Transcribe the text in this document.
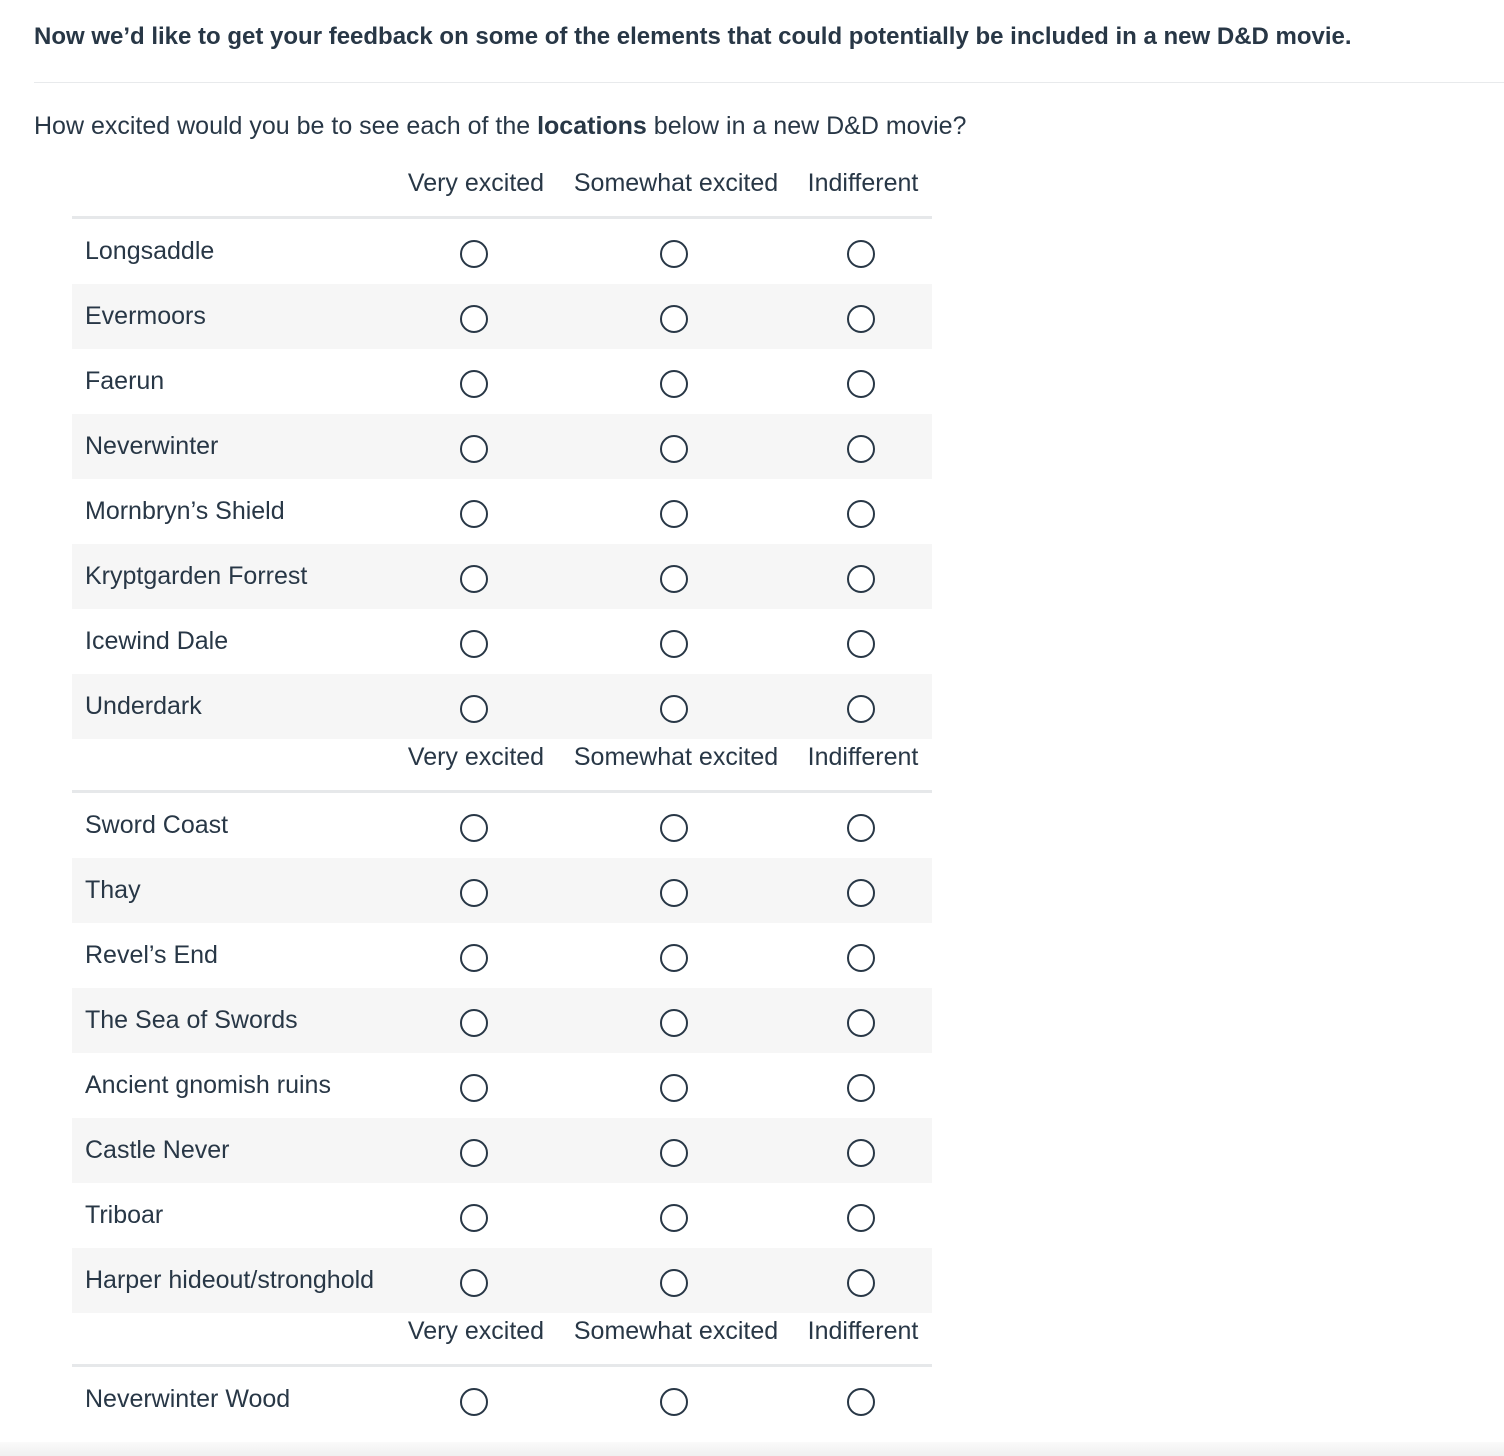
Now we’d like to get your feedback on some of the elements that could potentially be included in a new D&D movie.

How excited would you be to see each of the locations below in a new D&D movie?

Very excited Somewhat excited Indifferent
Longsaddle
Evermoors
Faerun
Neverwinter
Mornbryn’s Shield
Kryptgarden Forrest
Icewind Dale
Underdark
Very excited Somewhat excited Indifferent
Sword Coast
Thay
Revel’s End
The Sea of Swords
Ancient gnomish ruins
Castle Never
Triboar
Harper hideout/stronghold
Very excited Somewhat excited Indifferent
Neverwinter Wood
